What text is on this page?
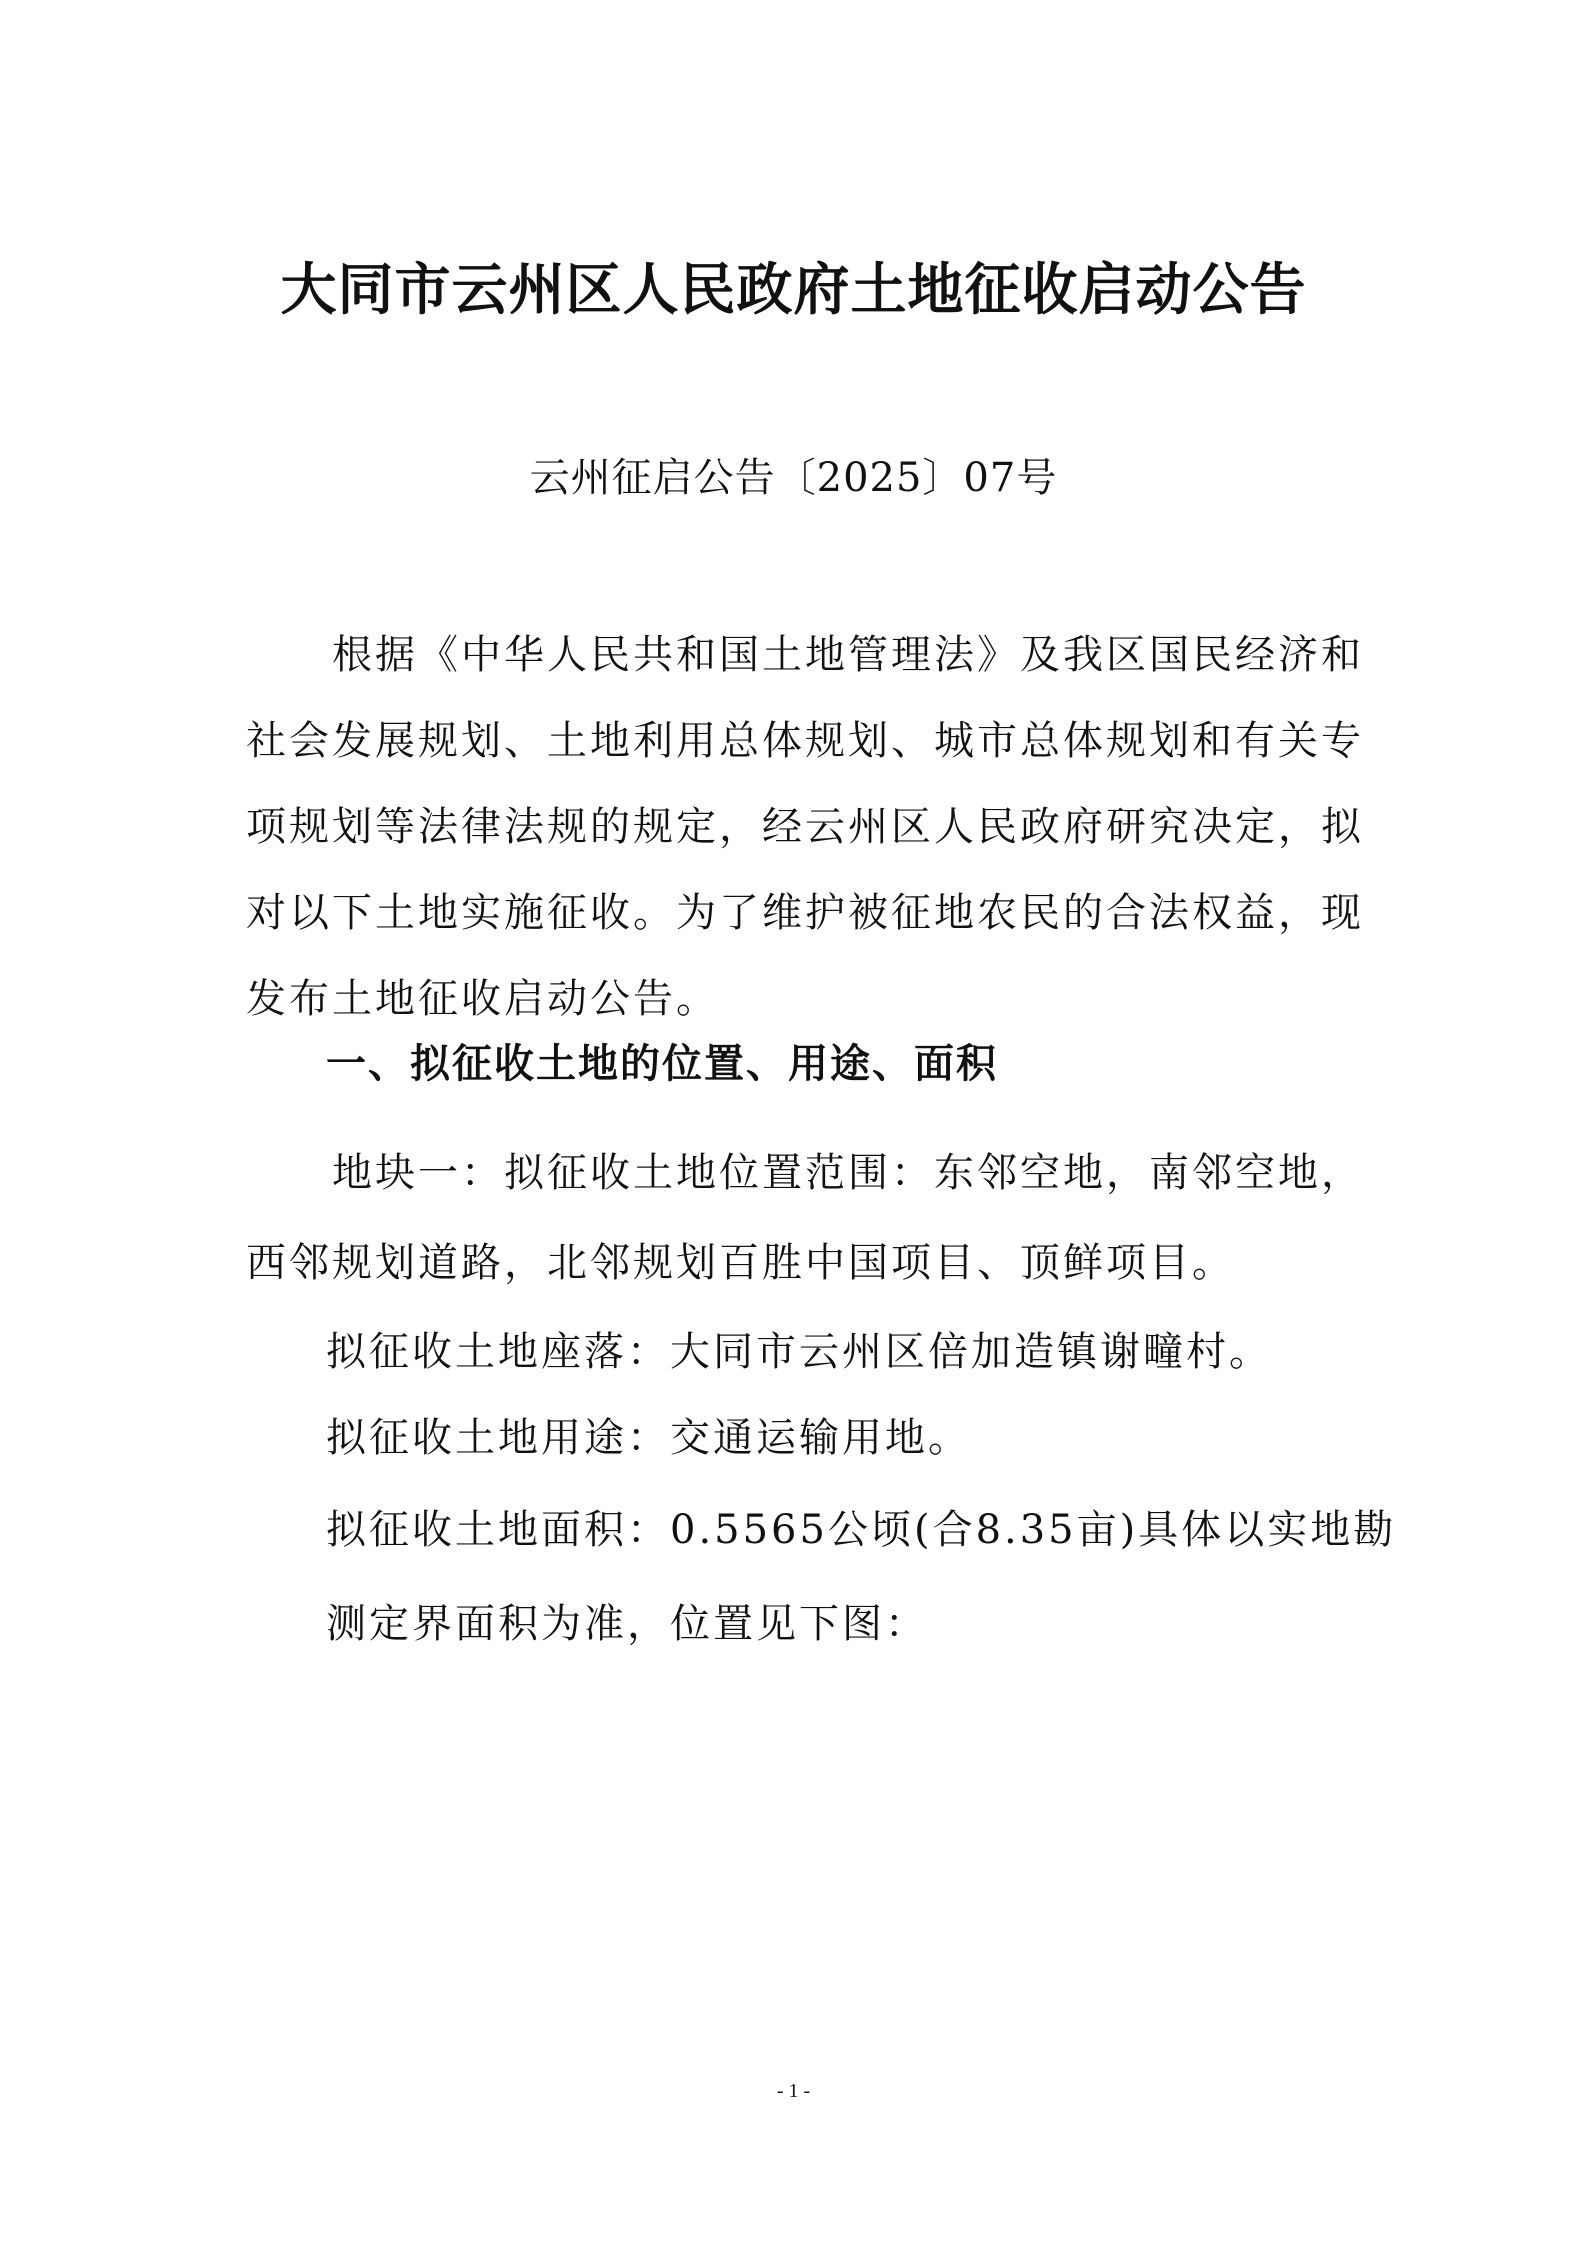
大同市云州区人民政府土地征收启动公告
云州征启公告〔2025〕07号
根据《中华人民共和国土地管理法》及我区国民经济和社会发展规划、土地利用总体规划、城市总体规划和有关专项规划等法律法规的规定，经云州区人民政府研究决定，拟对以下土地实施征收。为了维护被征地农民的合法权益，现发布土地征收启动公告。
一、拟征收土地的位置、用途、面积
地块一：拟征收土地位置范围：东邻空地，南邻空地，西邻规划道路，北邻规划百胜中国项目、顶鲜项目。
拟征收土地座落：大同市云州区倍加造镇谢疃村。
拟征收土地用途：交通运输用地。
拟征收土地面积：0.5565公顷(合8.35亩)具体以实地勘
测定界面积为准，位置见下图：
- 1 -
